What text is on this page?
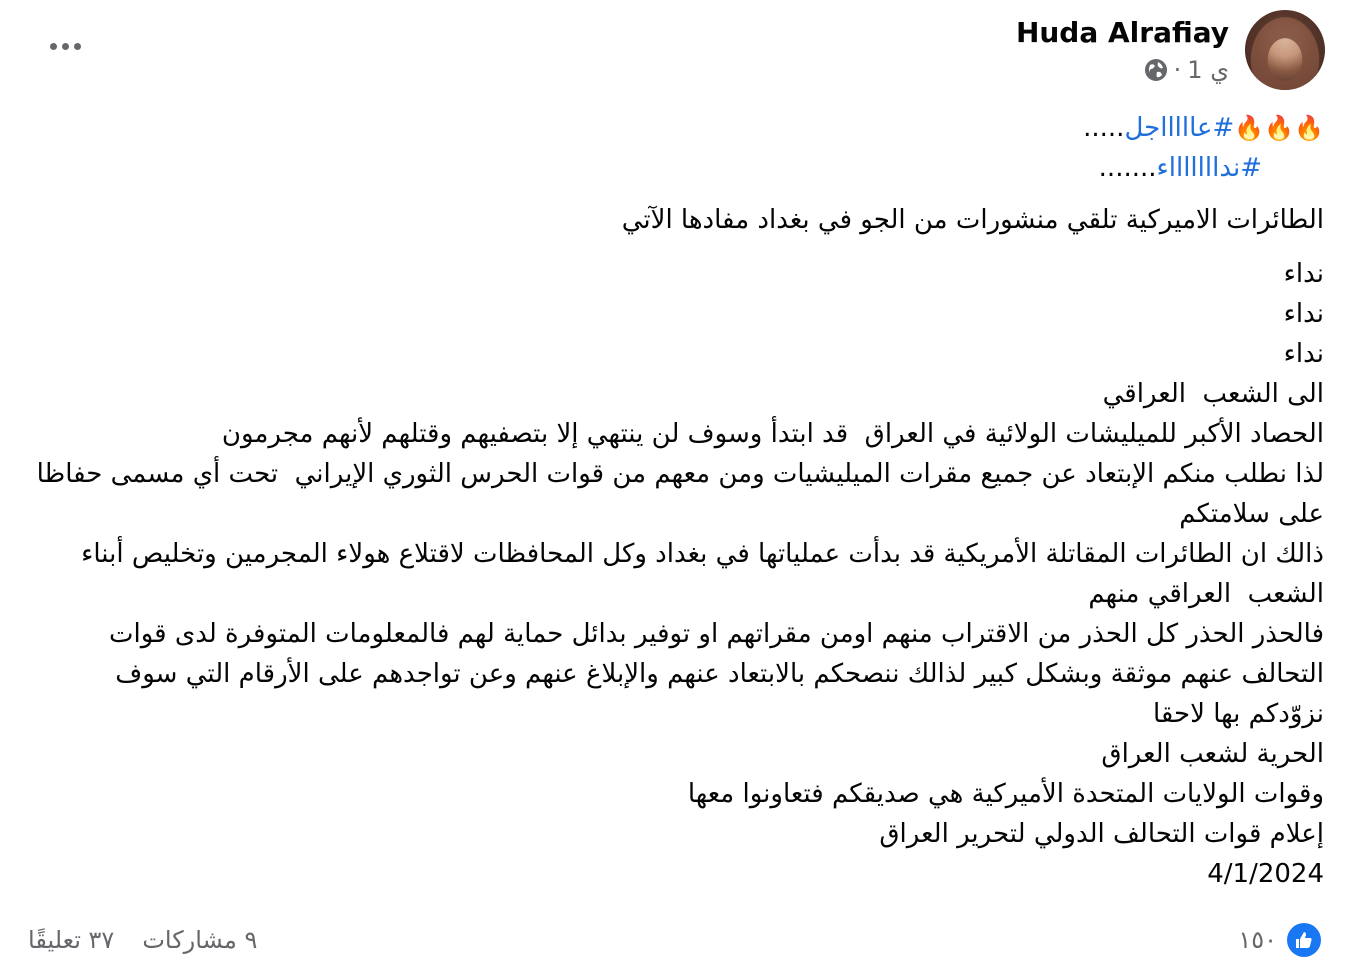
Huda Alrafiay
· 1 ي

🔥🔥🔥#عاااااجل.....

#نداااااااء.......

الطائرات الاميركية تلقي منشورات من الجو في بغداد مفادها الآتي

نداء

نداء

نداء

الى الشعب  العراقي

الحصاد الأكبر للميليشات الولائية في العراق  قد ابتدأ وسوف لن ينتهي إلا بتصفيهم وقتلهم لأنهم مجرمون

لذا نطلب منكم الإبتعاد عن جميع مقرات الميليشيات ومن معهم من قوات الحرس الثوري الإيراني  تحت أي مسمى حفاظا على سلامتكم

ذالك ان الطائرات المقاتلة الأمريكية قد بدأت عملياتها في بغداد وكل المحافظات لاقتلاع هولاء المجرمين وتخليص أبناء الشعب  العراقي منهم

فالحذر الحذر كل الحذر من الاقتراب منهم اومن مقراتهم او توفير بدائل حماية لهم فالمعلومات المتوفرة لدى قوات التحالف عنهم موثقة وبشكل كبير لذالك ننصحكم بالابتعاد عنهم والإبلاغ عنهم وعن تواجدهم على الأرقام التي سوف نزوّدكم بها لاحقا

الحرية لشعب العراق

وقوات الولايات المتحدة الأميركية هي صديقكم فتعاونوا معها

إعلام قوات التحالف الدولي لتحرير العراق

4/1/2024

٩ مشاركات
٣٧ تعليقًا	١٥٠
